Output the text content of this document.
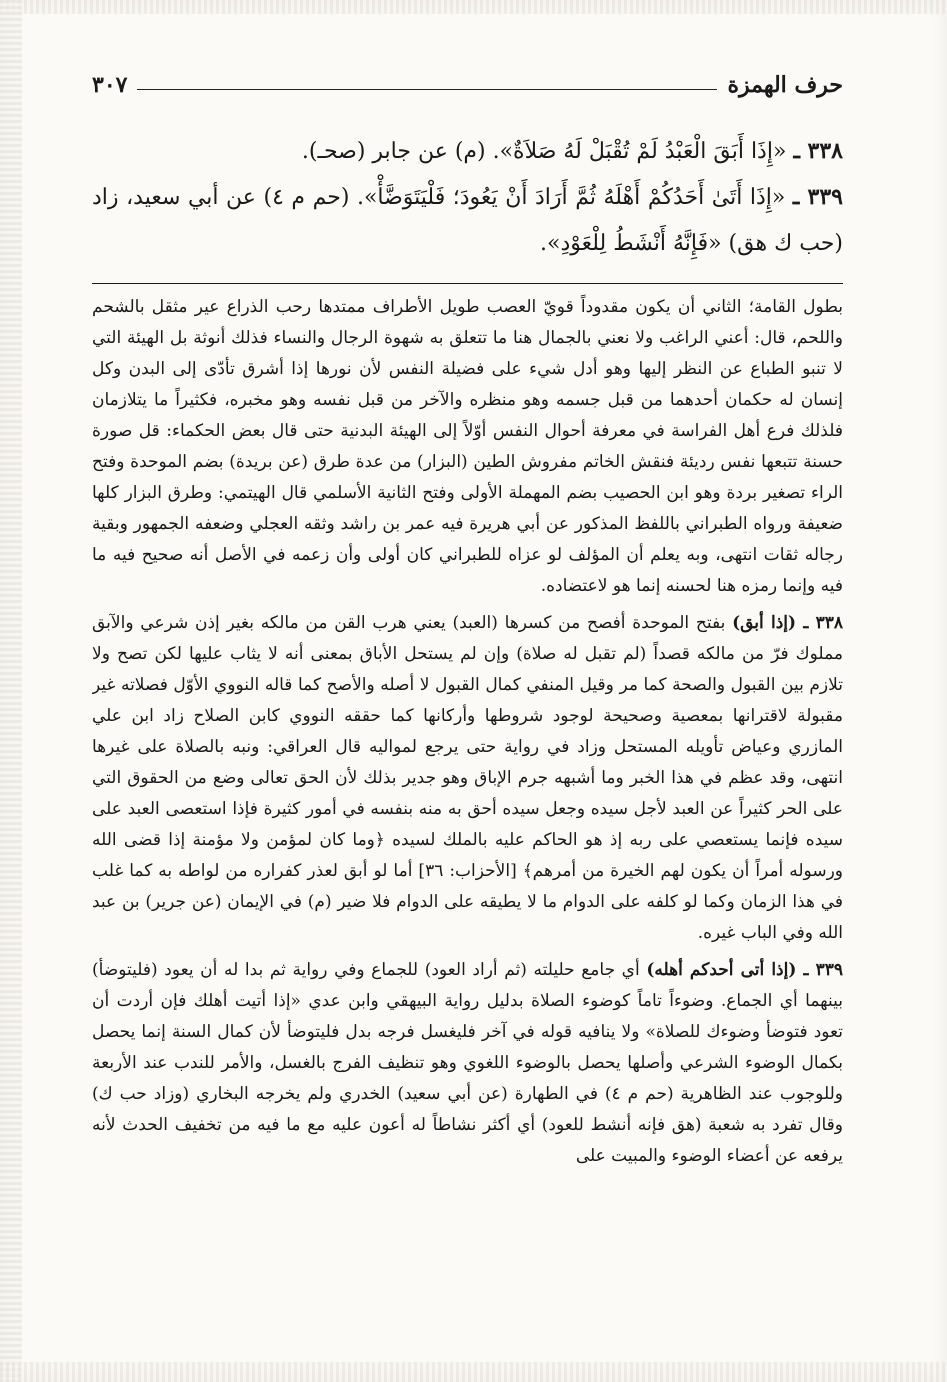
حرف الهمزة
٣٠٧
٣٣٨ ـ «إِذَا أَبَقَ الْعَبْدُ لَمْ تُقْبَلْ لَهُ صَلاَةٌ». (م) عن جابر (صحـ).
٣٣٩ ـ «إِذَا أَتَىٰ أَحَدُكُمْ أَهْلَهُ ثُمَّ أَرَادَ أَنْ يَعُودَ؛ فَلْيَتَوَضَّأْ». (حم م ٤) عن أبي سعيد، زاد (حب ك هق) «فَإِنَّهُ أَنْشَطُ لِلْعَوْدِ».

بطول القامة؛ الثاني أن يكون مقدوداً قويّ العصب طويل الأطراف ممتدها رحب الذراع عير مثقل بالشحم واللحم، قال: أعني الراغب ولا نعني بالجمال هنا ما تتعلق به شهوة الرجال والنساء فذلك أنوثة بل الهيئة التي لا تنبو الطباع عن النظر إليها وهو أدل شيء على فضيلة النفس لأن نورها إذا أشرق تأدّى إلى البدن وكل إنسان له حكمان أحدهما من قبل جسمه وهو منظره والآخر من قبل نفسه وهو مخبره، فكثيراً ما يتلازمان فلذلك فرع أهل الفراسة في معرفة أحوال النفس أوّلاً إلى الهيئة البدنية حتى قال بعض الحكماء: قل صورة حسنة تتبعها نفس رديئة فنقش الخاتم مفروش الطين (البزار) من عدة طرق (عن بريدة) بضم الموحدة وفتح الراء تصغير بردة وهو ابن الحصيب بضم المهملة الأولى وفتح الثانية الأسلمي قال الهيتمي: وطرق البزار كلها ضعيفة ورواه الطبراني باللفظ المذكور عن أبي هريرة فيه عمر بن راشد وثقه العجلي وضعفه الجمهور وبقية رجاله ثقات انتهى، وبه يعلم أن المؤلف لو عزاه للطبراني كان أولى وأن زعمه في الأصل أنه صحيح فيه ما فيه وإنما رمزه هنا لحسنه إنما هو لاعتضاده.

٣٣٨ ـ (إذا أبق) بفتح الموحدة أفصح من كسرها (العبد) يعني هرب القن من مالكه بغير إذن شرعي والآبق مملوك فرّ من مالكه قصداً (لم تقبل له صلاة) وإن لم يستحل الأباق بمعنى أنه لا يثاب عليها لكن تصح ولا تلازم بين القبول والصحة كما مر وقيل المنفي كمال القبول لا أصله والأصح كما قاله النووي الأوّل فصلاته غير مقبولة لاقترانها بمعصية وصحيحة لوجود شروطها وأركانها كما حققه النووي كابن الصلاح زاد ابن علي المازري وعياض تأويله المستحل وزاد في رواية حتى يرجع لمواليه قال العراقي: ونبه بالصلاة على غيرها انتهى، وقد عظم في هذا الخبر وما أشبهه جرم الإباق وهو جدير بذلك لأن الحق تعالى وضع من الحقوق التي على الحر كثيراً عن العبد لأجل سيده وجعل سيده أحق به منه بنفسه في أمور كثيرة فإذا استعصى العبد على سيده فإنما يستعصي على ربه إذ هو الحاكم عليه بالملك لسيده ﴿وما كان لمؤمن ولا مؤمنة إذا قضى الله ورسوله أمراً أن يكون لهم الخيرة من أمرهم﴾ [الأحزاب: ٣٦] أما لو أبق لعذر كفراره من لواطه به كما غلب في هذا الزمان وكما لو كلفه على الدوام ما لا يطيقه على الدوام فلا ضير (م) في الإيمان (عن جرير) بن عبد الله وفي الباب غيره.

٣٣٩ ـ (إذا أتى أحدكم أهله) أي جامع حليلته (ثم أراد العود) للجماع وفي رواية ثم بدا له أن يعود (فليتوضأ) بينهما أي الجماع. وضوءاً تاماً كوضوء الصلاة بدليل رواية البيهقي وابن عدي «إذا أتيت أهلك فإن أردت أن تعود فتوضأ وضوءك للصلاة» ولا ينافيه قوله في آخر فليغسل فرجه بدل فليتوضأ لأن كمال السنة إنما يحصل بكمال الوضوء الشرعي وأصلها يحصل بالوضوء اللغوي وهو تنظيف الفرج بالغسل، والأمر للندب عند الأربعة وللوجوب عند الظاهرية (حم م ٤) في الطهارة (عن أبي سعيد) الخدري ولم يخرجه البخاري (وزاد حب ك) وقال تفرد به شعبة (هق فإنه أنشط للعود) أي أكثر نشاطاً له أعون عليه مع ما فيه من تخفيف الحدث لأنه يرفعه عن أعضاء الوضوء والمبيت على
